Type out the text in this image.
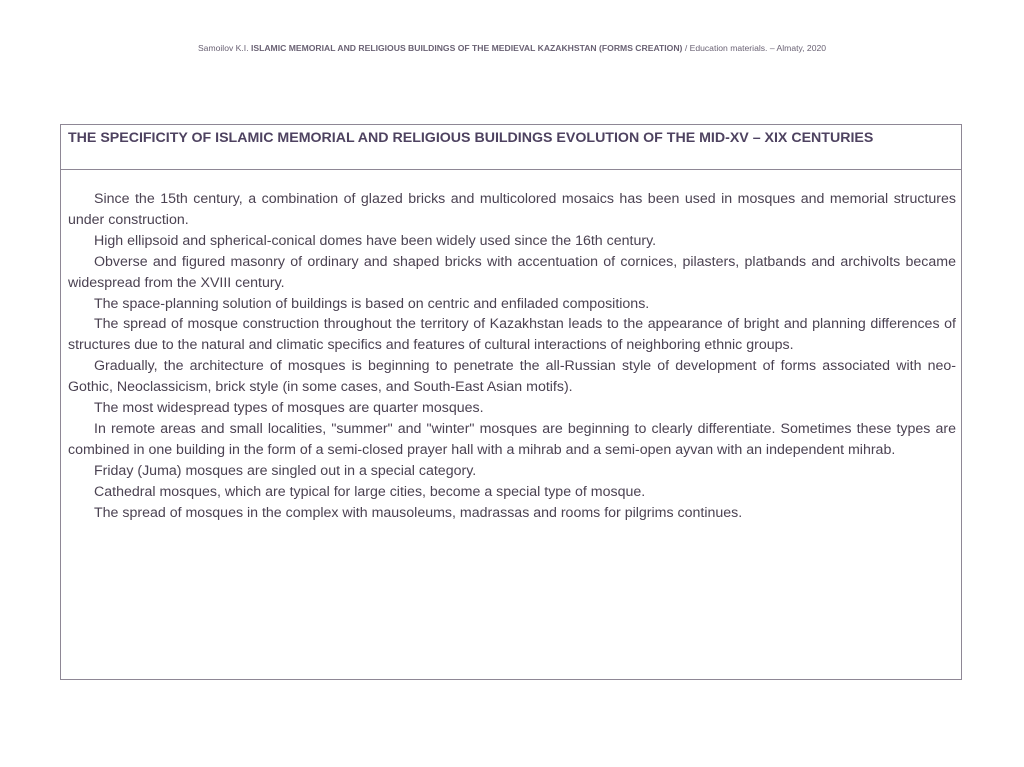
Samoilov K.I. ISLAMIC MEMORIAL AND RELIGIOUS BUILDINGS OF THE MEDIEVAL KAZAKHSTAN (FORMS CREATION) / Education materials. – Almaty, 2020
THE SPECIFICITY OF ISLAMIC MEMORIAL AND RELIGIOUS BUILDINGS EVOLUTION OF THE MID-XV – XIX CENTURIES

Since the 15th century, a combination of glazed bricks and multicolored mosaics has been used in mosques and memorial structures under construction.

High ellipsoid and spherical-conical domes have been widely used since the 16th century.

Obverse and figured masonry of ordinary and shaped bricks with accentuation of cornices, pilasters, platbands and archivolts became widespread from the XVIII century.

The space-planning solution of buildings is based on centric and enfiladed compositions.

The spread of mosque construction throughout the territory of Kazakhstan leads to the appearance of bright and planning differences of structures due to the natural and climatic specifics and features of cultural interactions of neighboring ethnic groups.

Gradually, the architecture of mosques is beginning to penetrate the all-Russian style of development of forms associated with neo-Gothic, Neoclassicism, brick style (in some cases, and South-East Asian motifs).

The most widespread types of mosques are quarter mosques.

In remote areas and small localities, "summer" and "winter" mosques are beginning to clearly differentiate. Sometimes these types are combined in one building in the form of a semi-closed prayer hall with a mihrab and a semi-open ayvan with an independent mihrab.

Friday (Juma) mosques are singled out in a special category.

Cathedral mosques, which are typical for large cities, become a special type of mosque.

The spread of mosques in the complex with mausoleums, madrassas and rooms for pilgrims continues.
